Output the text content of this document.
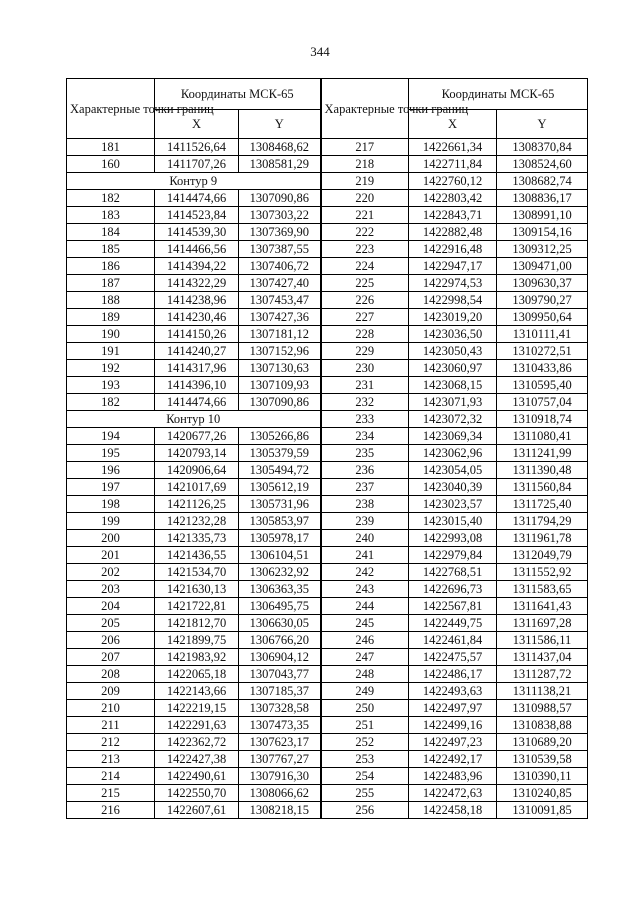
344
Характерные точки границ	Координаты МСК-65		Характерные точки границ	Координаты МСК-65	
	X	Y		X	Y
181	1411526,64	1308468,62	217	1422661,34	1308370,84
160	1411707,26	1308581,29	218	1422711,84	1308524,60
Контур 9			219	1422760,12	1308682,74
182	1414474,66	1307090,86	220	1422803,42	1308836,17
183	1414523,84	1307303,22	221	1422843,71	1308991,10
184	1414539,30	1307369,90	222	1422882,48	1309154,16
185	1414466,56	1307387,55	223	1422916,48	1309312,25
186	1414394,22	1307406,72	224	1422947,17	1309471,00
187	1414322,29	1307427,40	225	1422974,53	1309630,37
188	1414238,96	1307453,47	226	1422998,54	1309790,27
189	1414230,46	1307427,36	227	1423019,20	1309950,64
190	1414150,26	1307181,12	228	1423036,50	1310111,41
191	1414240,27	1307152,96	229	1423050,43	1310272,51
192	1414317,96	1307130,63	230	1423060,97	1310433,86
193	1414396,10	1307109,93	231	1423068,15	1310595,40
182	1414474,66	1307090,86	232	1423071,93	1310757,04
Контур 10			233	1423072,32	1310918,74
194	1420677,26	1305266,86	234	1423069,34	1311080,41
195	1420793,14	1305379,59	235	1423062,96	1311241,99
196	1420906,64	1305494,72	236	1423054,05	1311390,48
197	1421017,69	1305612,19	237	1423040,39	1311560,84
198	1421126,25	1305731,96	238	1423023,57	1311725,40
199	1421232,28	1305853,97	239	1423015,40	1311794,29
200	1421335,73	1305978,17	240	1422993,08	1311961,78
201	1421436,55	1306104,51	241	1422979,84	1312049,79
202	1421534,70	1306232,92	242	1422768,51	1311552,92
203	1421630,13	1306363,35	243	1422696,73	1311583,65
204	1421722,81	1306495,75	244	1422567,81	1311641,43
205	1421812,70	1306630,05	245	1422449,75	1311697,28
206	1421899,75	1306766,20	246	1422461,84	1311586,11
207	1421983,92	1306904,12	247	1422475,57	1311437,04
208	1422065,18	1307043,77	248	1422486,17	1311287,72
209	1422143,66	1307185,37	249	1422493,63	1311138,21
210	1422219,15	1307328,58	250	1422497,97	1310988,57
211	1422291,63	1307473,35	251	1422499,16	1310838,88
212	1422362,72	1307623,17	252	1422497,23	1310689,20
213	1422427,38	1307767,27	253	1422492,17	1310539,58
214	1422490,61	1307916,30	254	1422483,96	1310390,11
215	1422550,70	1308066,62	255	1422472,63	1310240,85
216	1422607,61	1308218,15	256	1422458,18	1310091,85
